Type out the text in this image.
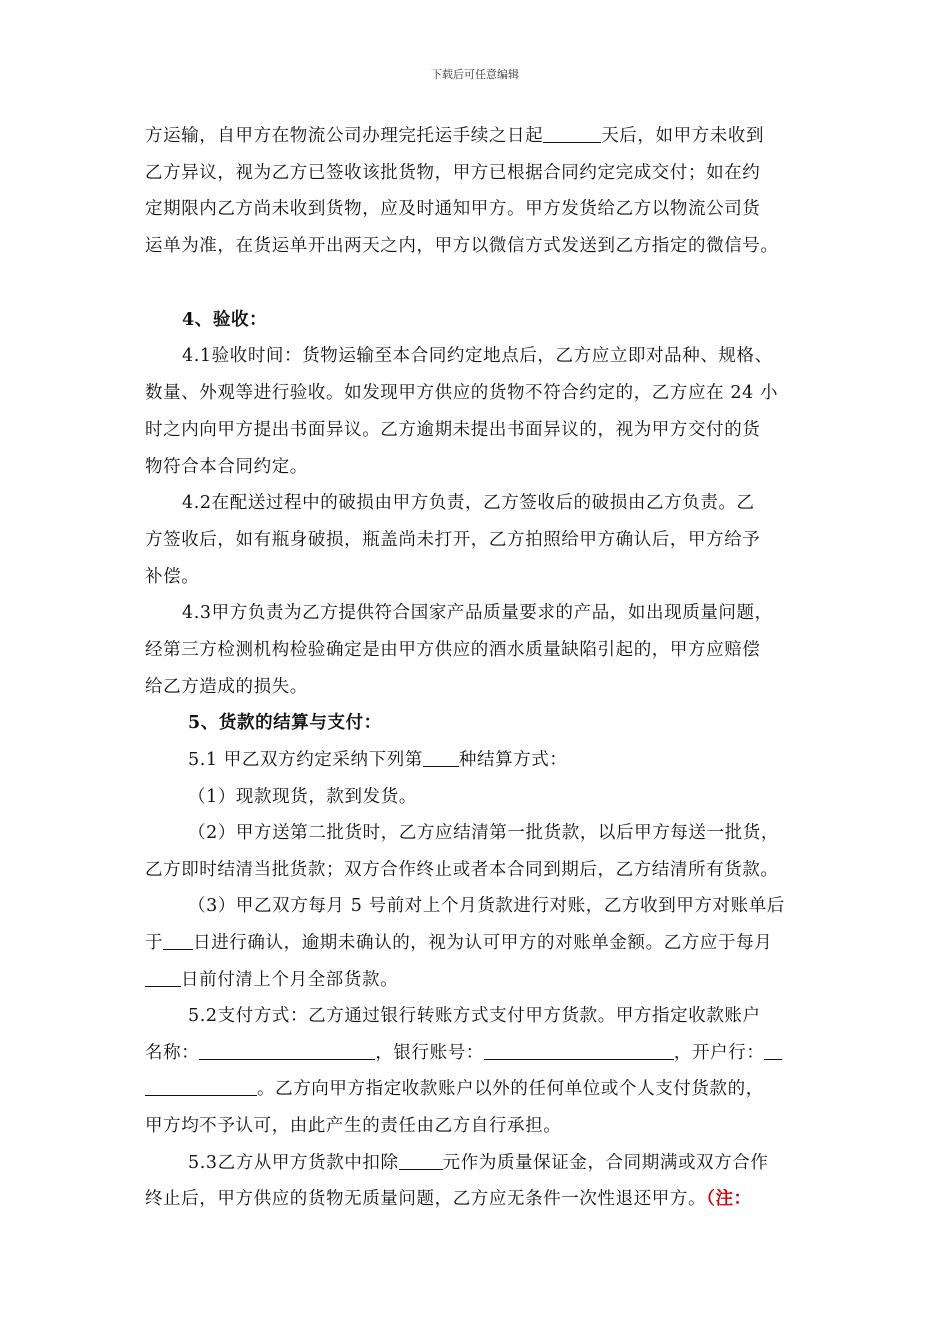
下载后可任意编辑
方运输，自甲方在物流公司办理完托运手续之日起	天后，如甲方未收到
乙方异议，视为乙方已签收该批货物，甲方已根据合同约定完成交付；如在约
定期限内乙方尚未收到货物，应及时通知甲方。甲方发货给乙方以物流公司货
运单为准，在货运单开出两天之内，甲方以微信方式发送到乙方指定的微信号。
4、验收：
4.1验收时间：货物运输至本合同约定地点后，乙方应立即对品种、规格、
数量、外观等进行验收。如发现甲方供应的货物不符合约定的，乙方应在 24 小
时之内向甲方提出书面异议。乙方逾期未提出书面异议的，视为甲方交付的货
物符合本合同约定。
4.2在配送过程中的破损由甲方负责，乙方签收后的破损由乙方负责。乙
方签收后，如有瓶身破损，瓶盖尚未打开，乙方拍照给甲方确认后，甲方给予
补偿。
4.3甲方负责为乙方提供符合国家产品质量要求的产品，如出现质量问题，
经第三方检测机构检验确定是由甲方供应的酒水质量缺陷引起的，甲方应赔偿
给乙方造成的损失。
5、货款的结算与支付：
5.1 甲乙双方约定采纳下列第 种结算方式：
（1）现款现货，款到发货。
（2）甲方送第二批货时，乙方应结清第一批货款，以后甲方每送一批货，
乙方即时结清当批货款；双方合作终止或者本合同到期后，乙方结清所有货款。
（3）甲乙双方每月 5 号前对上个月货款进行对账，乙方收到甲方对账单后
于 日进行确认，逾期未确认的，视为认可甲方的对账单金额。乙方应于每月
日前付清上个月全部货款。
5.2支付方式：乙方通过银行转账方式支付甲方货款。甲方指定收款账户
名称：	，银行账号：	，开户行：
。乙方向甲方指定收款账户以外的任何单位或个人支付货款的，
甲方均不予认可，由此产生的责任由乙方自行承担。
5.3乙方从甲方货款中扣除	元作为质量保证金，合同期满或双方合作
终止后，甲方供应的货物无质量问题，乙方应无条件一次性退还甲方。（注：
